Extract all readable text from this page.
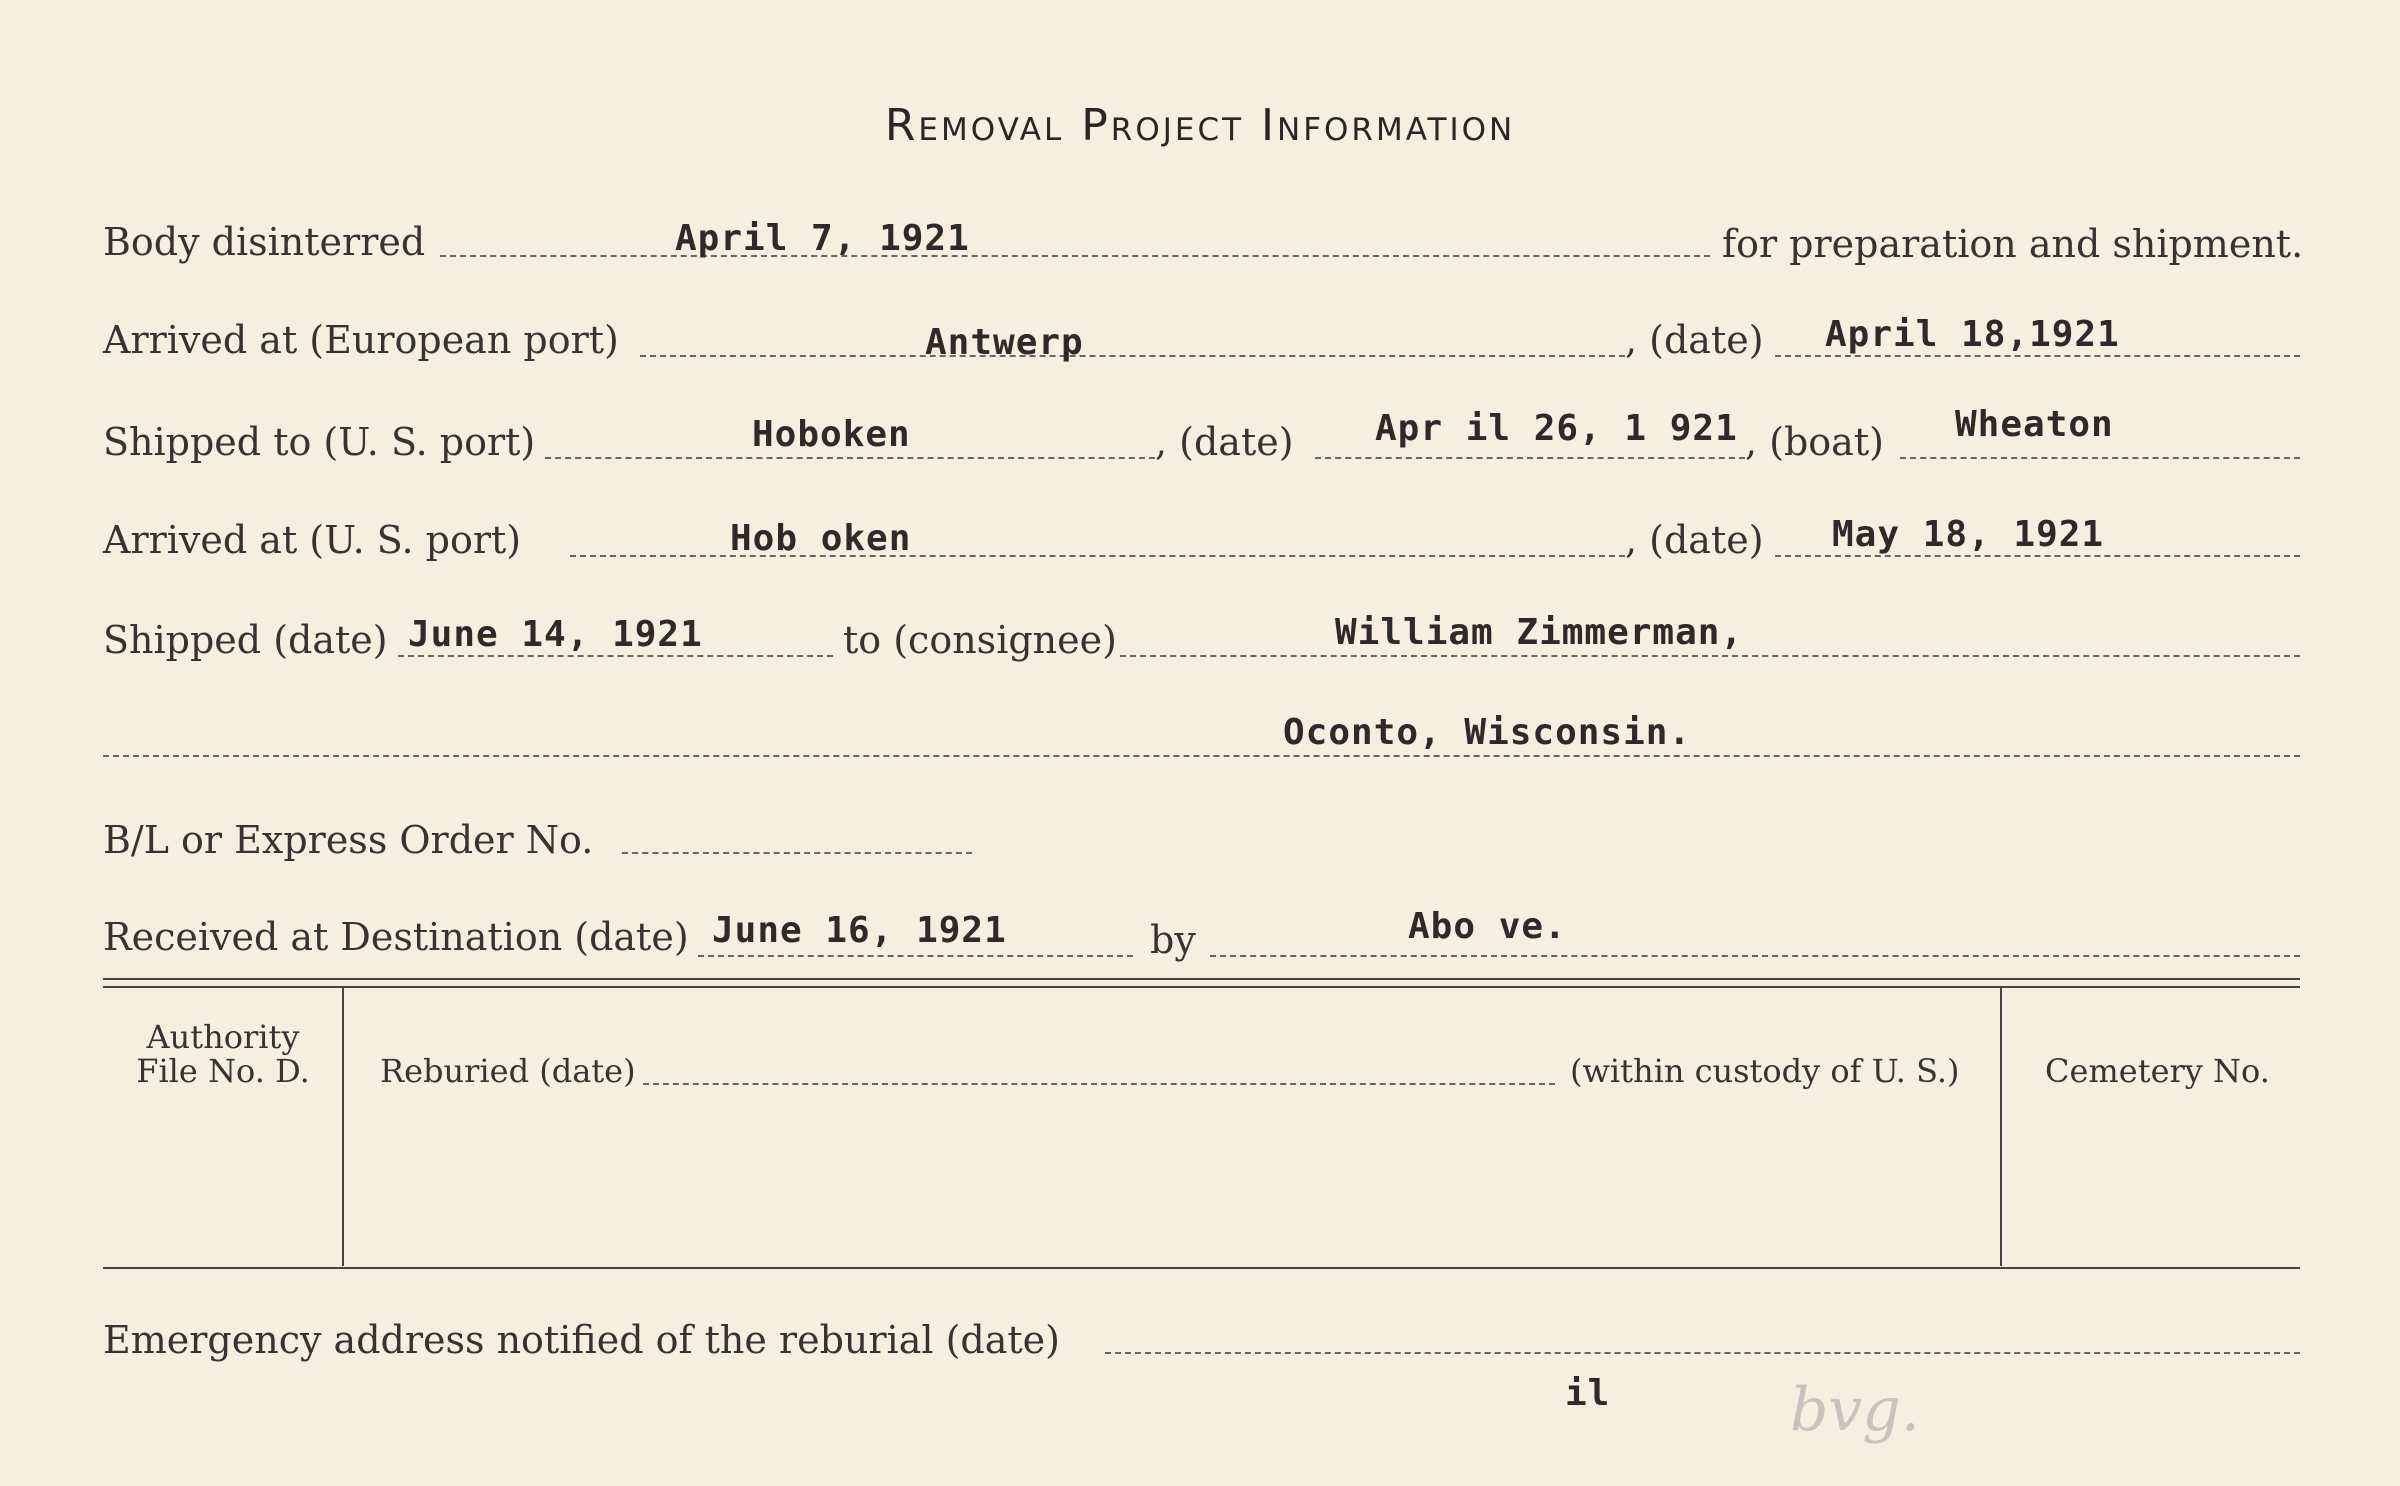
Removal Project Information
Body disinterred	April 7, 1921	for preparation and shipment.
Arrived at (European port)	Antwerp	, (date) April 18,1921
Shipped to (U. S. port)	Hoboken	, (date) Apr il 26, 1 921 , (boat) Wheaton
Arrived at (U. S. port)	Hob oken	, (date) May 18, 1921
Shipped (date) June 14, 1921	to (consignee)	William Zimmerman,
Oconto, Wisconsin.
B/L or Express Order No.
Received at Destination (date) June 16, 1921	by	Abo ve.
Authority
File No. D.	Reburied (date)	(within custody of U. S.)	Cemetery No.
Emergency address notified of the reburial (date)
il	bvg.
